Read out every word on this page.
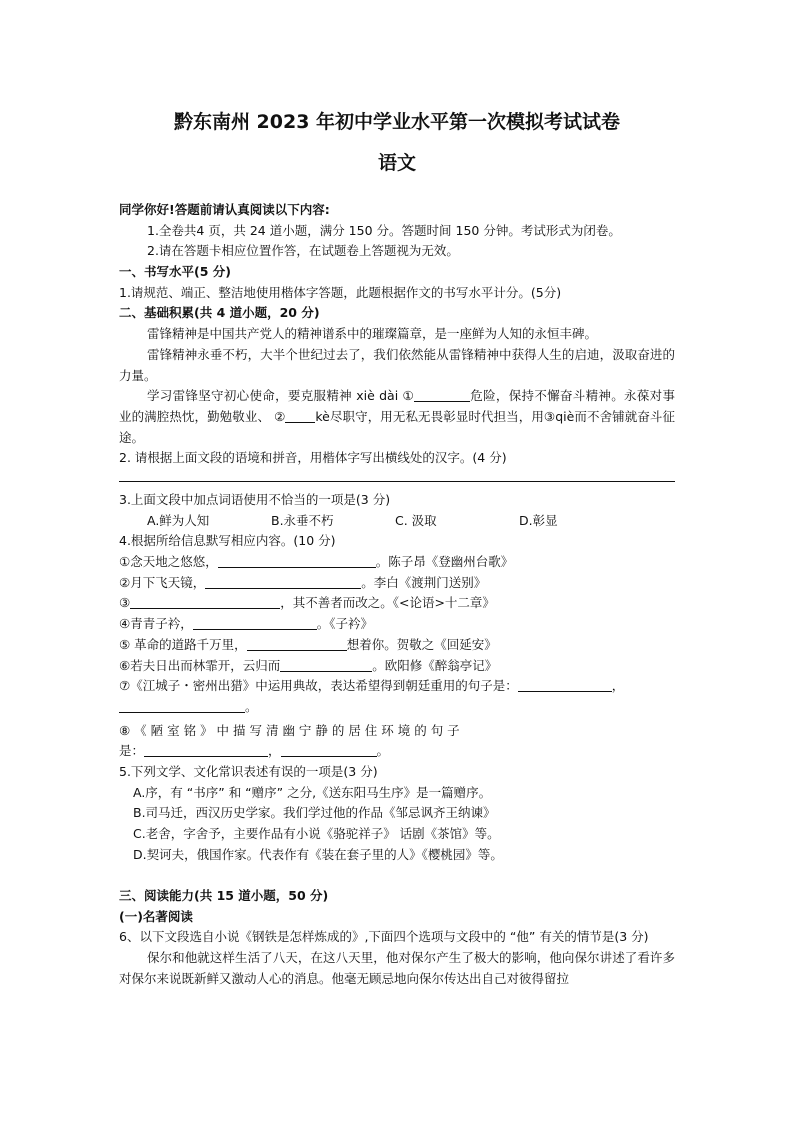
黔东南州 2023 年初中学业水平第一次模拟考试试卷
语文
同学你好!答题前请认真阅读以下内容:
1.全卷共4 页，共 24 道小题，满分 150 分。答题时间 150 分钟。考试形式为闭卷。
2.请在答题卡相应位置作答，在试题卷上答题视为无效。
一、书写水平(5 分)
1.请规范、端正、整洁地使用楷体字答题，此题根据作文的书写水平计分。(5分)
二、基础积累(共 4 道小题，20 分)
雷锋精神是中国共产党人的精神谱系中的璀璨篇章，是一座鲜为人知的永恒丰碑。
雷锋精神永垂不朽，大半个世纪过去了，我们依然能从雷锋精神中获得人生的启迪，汲取奋进的力量。
学习雷锋坚守初心使命，要克服精神 xiè dài ①	危险，保持不懈奋斗精神。永葆对事业的满腔热忱，勤勉敬业、 ② kè尽职守，用无私无畏彰显时代担当，用③qiè而不舍铺就奋斗征途。
2. 请根据上面文段的语境和拼音，用楷体字写出横线处的汉字。(4 分)
3.上面文段中加点词语使用不恰当的一项是(3 分)
A.鲜为人知	B.永垂不朽	C. 汲取	D.彰显
4.根据所给信息默写相应内容。(10 分)
①念天地之悠悠，	。陈子昂《登幽州台歌》
②月下飞天镜，	。李白《渡荆门送别》
③	，其不善者而改之。《<论语>十二章》
④青青子衿，	。《子衿》
⑤ 革命的道路千万里，	想着你。贺敬之《回延安》
⑥若夫日出而林霏开，云归而	。欧阳修《醉翁亭记》
⑦《江城子・密州出猎》中运用典故，表达希望得到朝廷重用的句子是：	，
。
⑧ 《 陋 室 铭 》 中 描 写 清 幽 宁 静 的 居 住 环 境 的 句 子
是：	，	。
5.下列文学、文化常识表述有误的一项是(3 分)
A.序，有 “书序” 和 “赠序” 之分,《送东阳马生序》是一篇赠序。
B.司马迁，西汉历史学家。我们学过他的作品《邹忌讽齐王纳谏》
C.老舍，字舍予，主要作品有小说《骆驼祥子》 话剧《茶馆》等。
D.契诃夫，俄国作家。代表作有《装在套子里的人》《樱桃园》等。
三、阅读能力(共 15 道小题，50 分)
(一)名著阅读
6、以下文段选自小说《钢铁是怎样炼成的》,下面四个选项与文段中的 “他” 有关的情节是(3 分)
保尔和他就这样生活了八天，在这八天里，他对保尔产生了极大的影响，他向保尔讲述了看许多对保尔来说既新鲜又激动人心的消息。他毫无顾忌地向保尔传达出自己对彼得留拉
